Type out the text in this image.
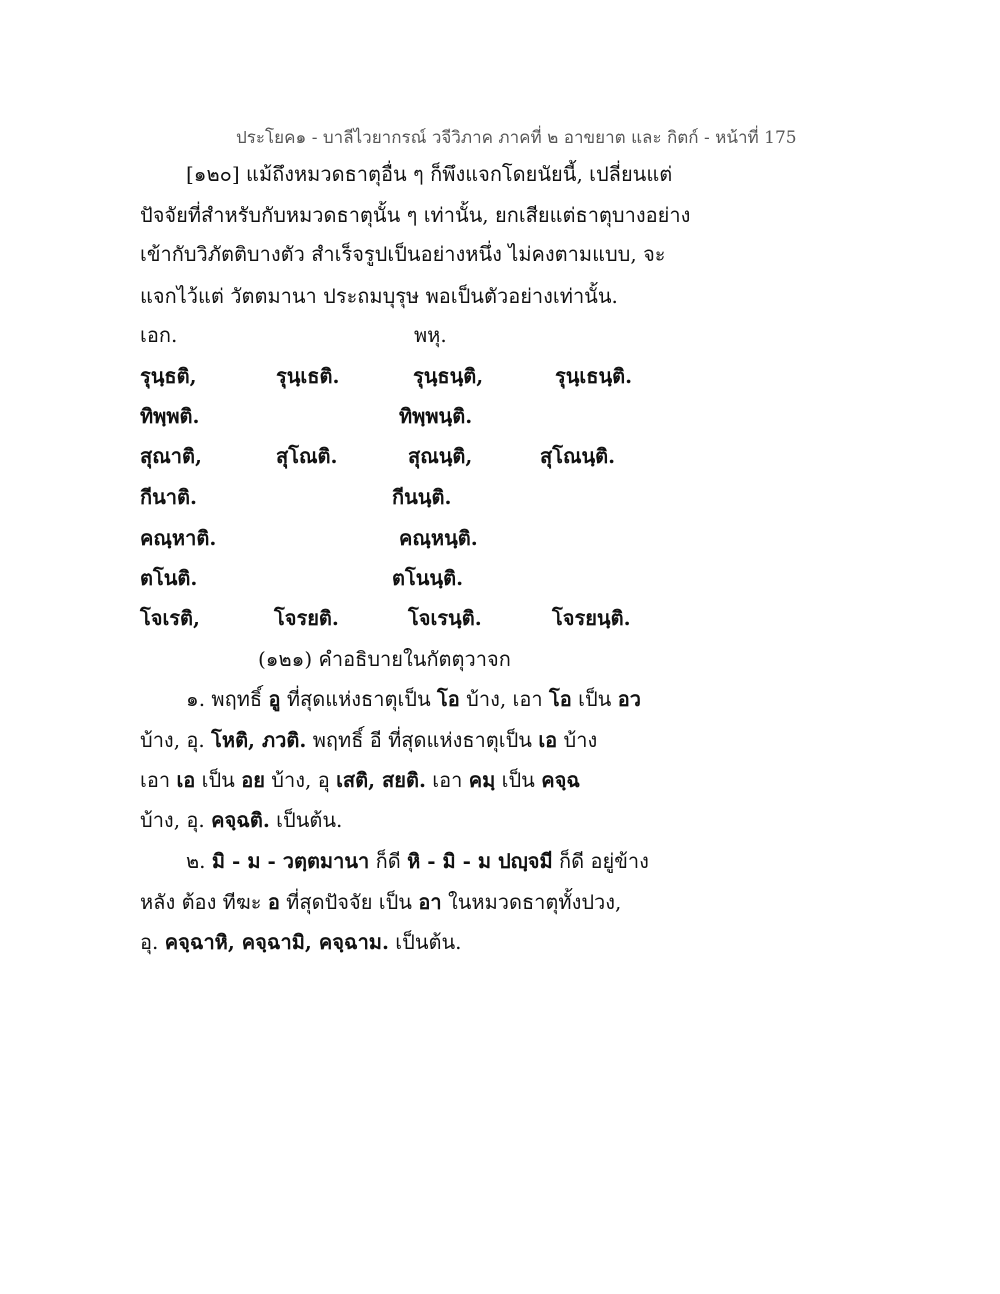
ประโยค๑ - บาลีไวยากรณ์ วจีวิภาค ภาคที่ ๒ อาขยาต และ กิตก์ - หน้าที่ 175
[๑๒๐] แม้ถึงหมวดธาตุอื่น ๆ ก็พึงแจกโดยนัยนี้, เปลี่ยนแต่
ปัจจัยที่สำหรับกับหมวดธาตุนั้น ๆ เท่านั้น, ยกเสียแต่ธาตุบางอย่าง
เข้ากับวิภัตติบางตัว สำเร็จรูปเป็นอย่างหนึ่ง ไม่คงตามแบบ, จะ
แจกไว้แต่ วัตตมานา ประถมบุรุษ พอเป็นตัวอย่างเท่านั้น.
เอก.	พหุ.
รุนฺธติ,	รุนฺเธติ.	รุนฺธนฺติ,	รุนฺเธนฺติ.
ทิพฺพติ.	ทิพฺพนฺติ.
สุณาติ,	สุโณติ.	สุณนฺติ,	สุโณนฺติ.
กีนาติ.	กีนนฺติ.
คณฺหาติ.	คณฺหนฺติ.
ตโนติ.	ตโนนฺติ.
โจเรติ,	โจรยติ.	โจเรนฺติ.	โจรยนฺติ.
(๑๒๑) คำอธิบายในกัตตุวาจก
๑. พฤทธิ์ อู ที่สุดแห่งธาตุเป็น โอ บ้าง, เอา โอ เป็น อว
บ้าง, อุ. โหติ, ภวติ. พฤทธิ์ อี ที่สุดแห่งธาตุเป็น เอ บ้าง
เอา เอ เป็น อย บ้าง, อุ เสติ, สยติ. เอา คมฺ เป็น คจฺฉ
บ้าง, อุ. คจฺฉติ. เป็นต้น.
๒. มิ - ม - วตฺตมานา ก็ดี หิ - มิ - ม ปญฺจมี ก็ดี อยู่ข้าง
หลัง ต้อง ทีฆะ อ ที่สุดปัจจัย เป็น อา ในหมวดธาตุทั้งปวง,
อุ. คจฺฉาหิ, คจฺฉามิ, คจฺฉาม. เป็นต้น.
